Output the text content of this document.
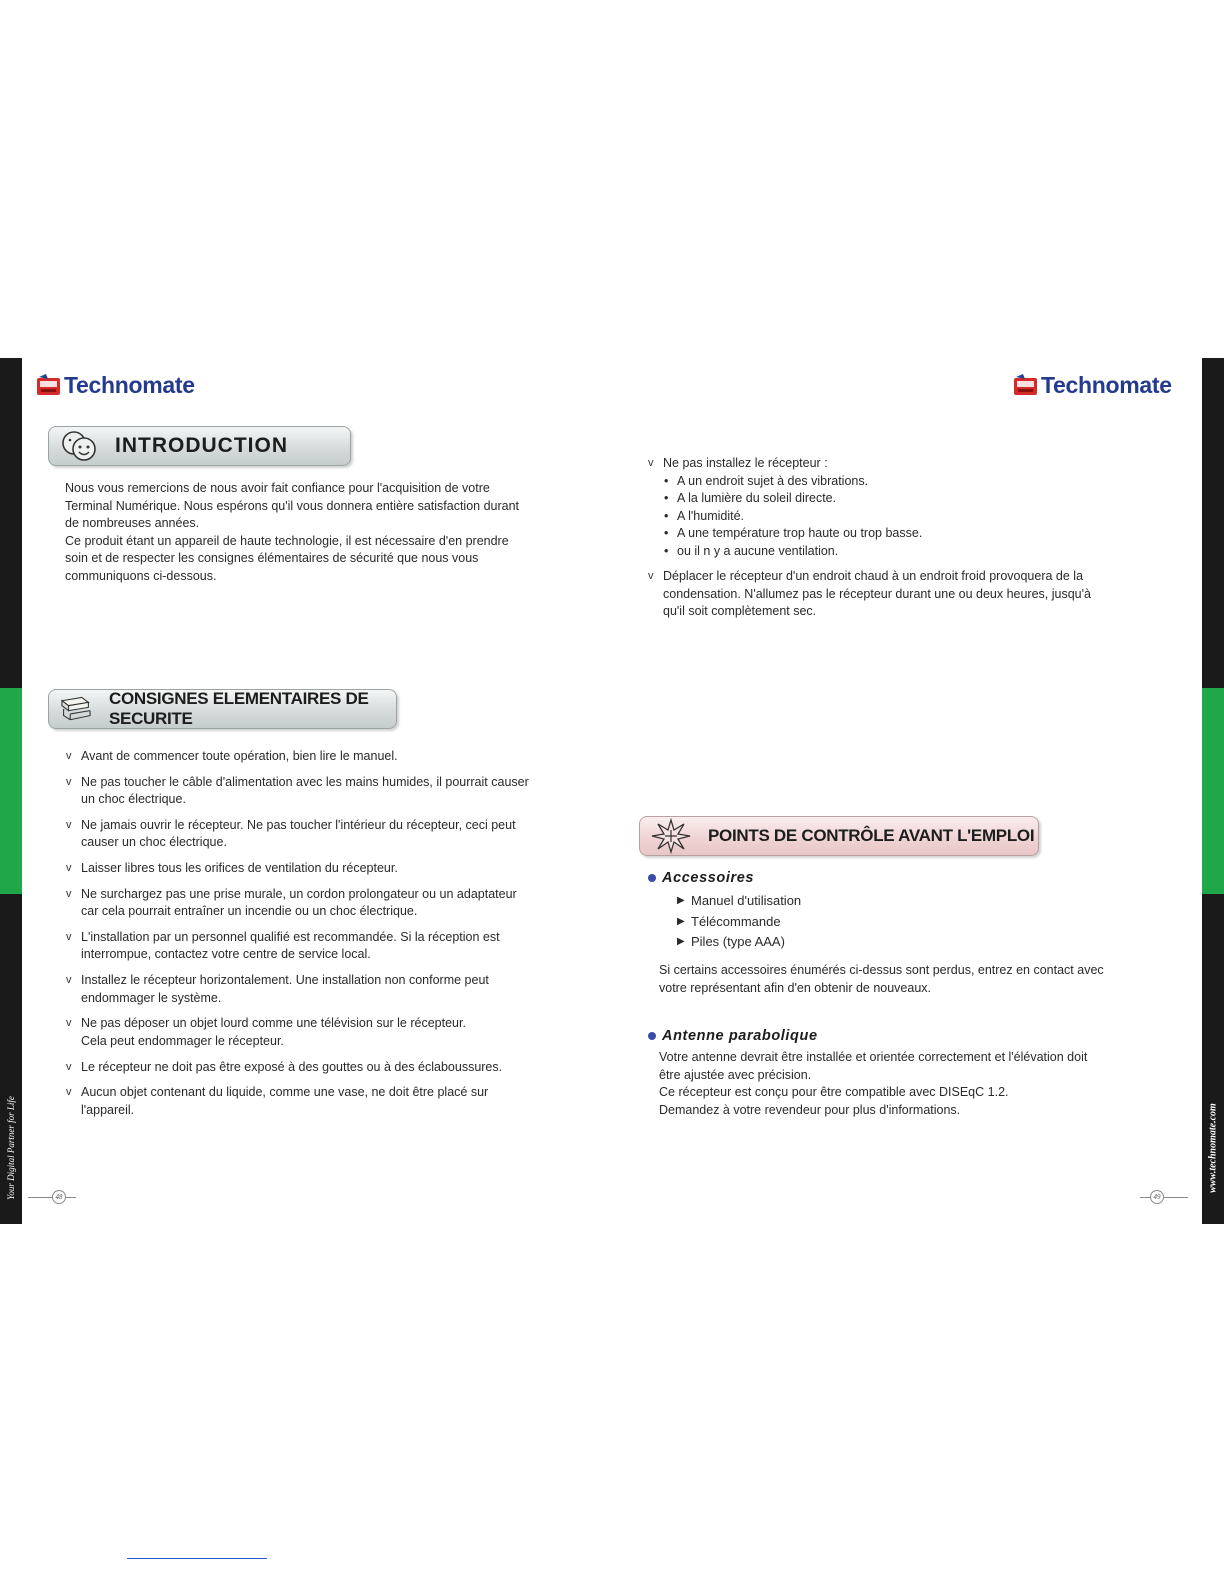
Your Digital Partner for Life	www.technomate.com
Technomate	Technomate
INTRODUCTION
Nous vous remercions de nous avoir fait confiance pour l'acquisition de votre
Terminal Numérique. Nous espérons qu'il vous donnera entière satisfaction durant
de nombreuses années.
Ce produit étant un appareil de haute technologie, il est nécessaire d'en prendre
soin et de respecter les consignes élémentaires de sécurité que nous vous
communiquons ci-dessous.
CONSIGNES ELEMENTAIRES DE SECURITE
v Avant de commencer toute opération, bien lire le manuel.
v Ne pas toucher le câble d'alimentation avec les mains humides, il pourrait causer
un choc électrique.
v Ne jamais ouvrir le récepteur. Ne pas toucher l'intérieur du récepteur, ceci peut
causer un choc électrique.
v Laisser libres tous les orifices de ventilation du récepteur.
v Ne surchargez pas une prise murale, un cordon prolongateur ou un adaptateur
car cela pourrait entraîner un incendie ou un choc électrique.
v L'installation par un personnel qualifié est recommandée. Si la réception est
interrompue, contactez votre centre de service local.
v Installez le récepteur horizontalement. Une installation non conforme peut
endommager le système.
v Ne pas déposer un objet lourd comme une télévision sur le récepteur.
Cela peut endommager le récepteur.
v Le récepteur ne doit pas être exposé à des gouttes ou à des éclaboussures.
v Aucun objet contenant du liquide, comme une vase, ne doit être placé sur
l'appareil.
v Ne pas installez le récepteur :
• A un endroit sujet à des vibrations.
• A la lumière du soleil directe.
• A l'humidité.
• A une température trop haute ou trop basse.
• ou il n y a aucune ventilation.
v Déplacer le récepteur d'un endroit chaud à un endroit froid provoquera de la
condensation. N'allumez pas le récepteur durant une ou deux heures, jusqu'à
qu'il soit complètement sec.
POINTS DE CONTRÔLE AVANT L'EMPLOI
Accessoires
▶ Manuel d'utilisation
▶ Télécommande
▶ Piles (type AAA)
Si certains accessoires énumérés ci-dessus sont perdus, entrez en contact avec
votre représentant afin d'en obtenir de nouveaux.
Antenne parabolique
Votre antenne devrait être installée et orientée correctement et l'élévation doit
être ajustée avec précision.
Ce récepteur est conçu pour être compatible avec DISEqC 1.2.
Demandez à votre revendeur pour plus d'informations.
48	49
